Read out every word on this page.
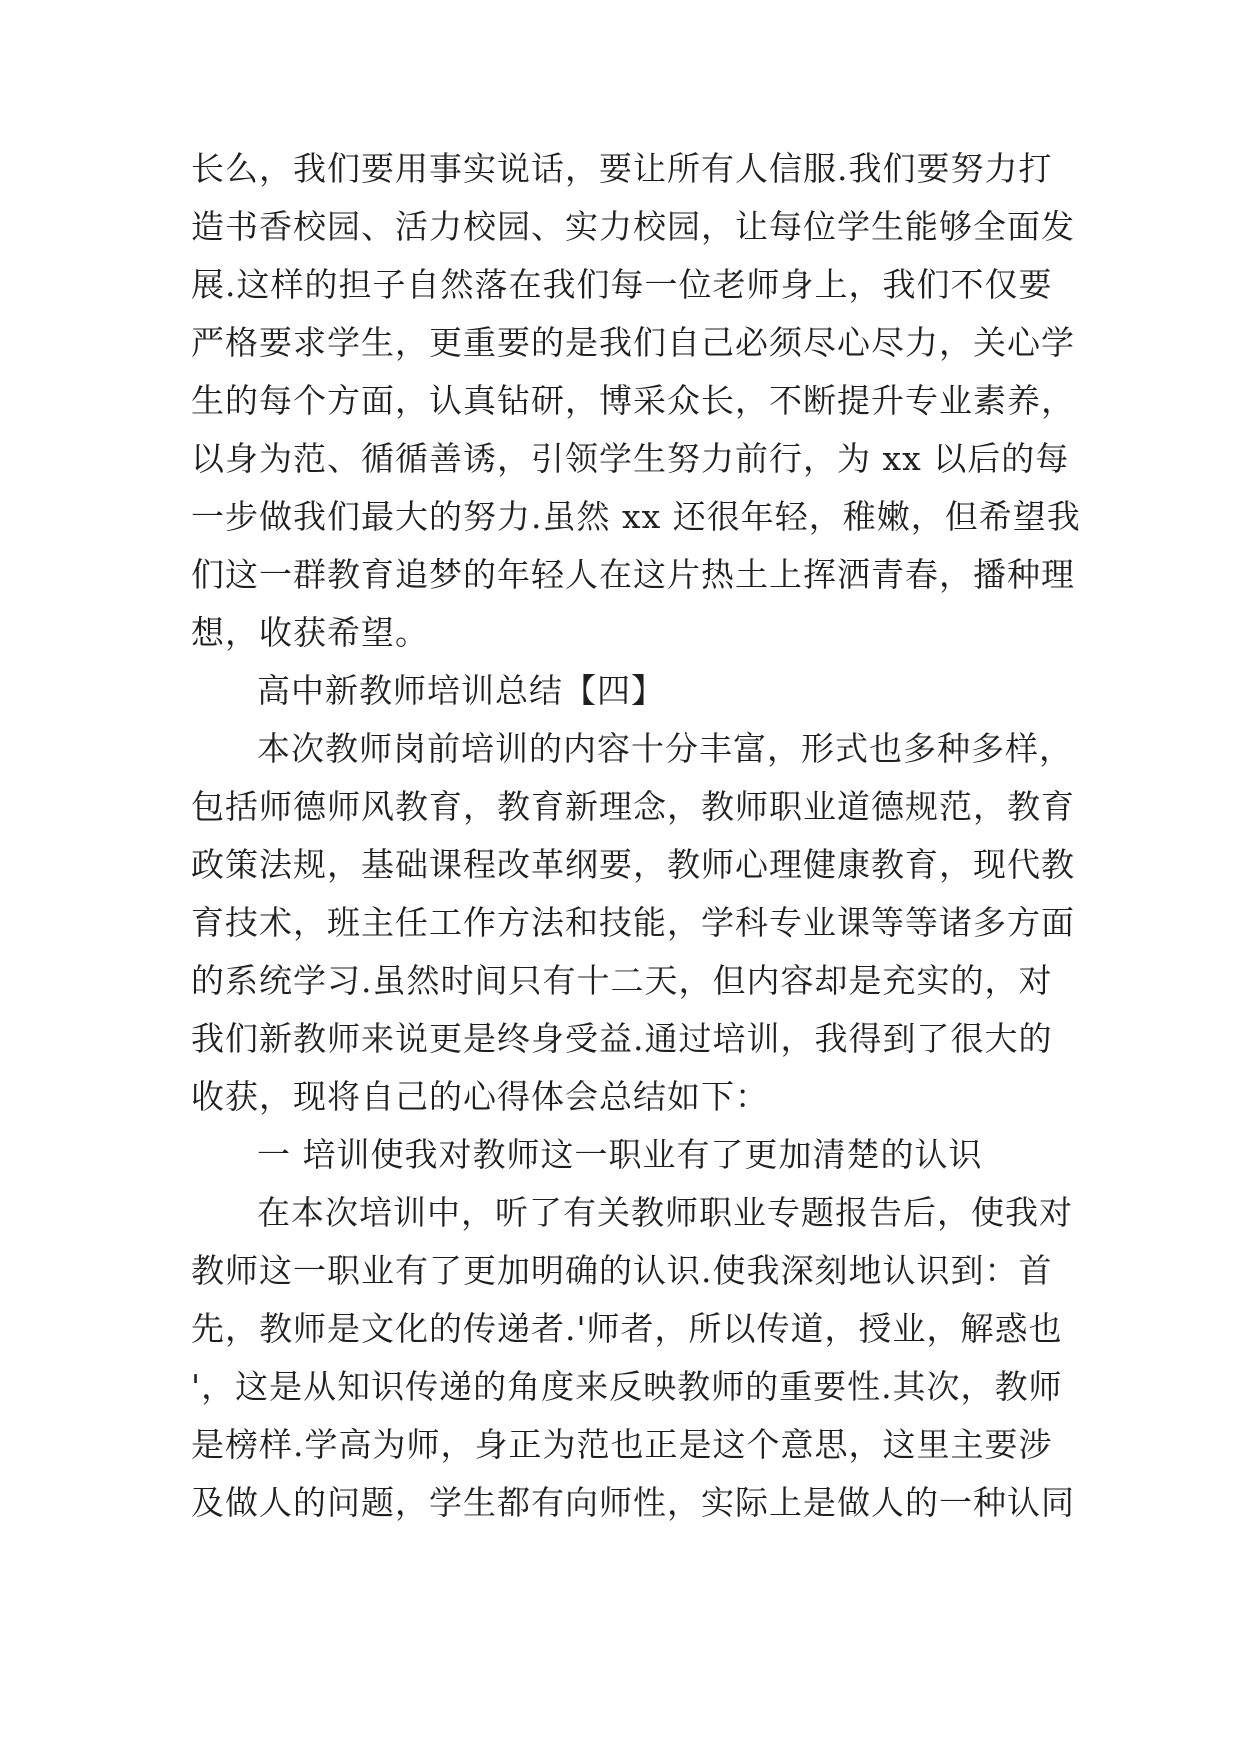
长么，我们要用事实说话，要让所有人信服.我们要努力打
造书香校园、活力校园、实力校园，让每位学生能够全面发
展.这样的担子自然落在我们每一位老师身上，我们不仅要
严格要求学生，更重要的是我们自己必须尽心尽力，关心学
生的每个方面，认真钻研，博采众长，不断提升专业素养，
以身为范、循循善诱，引领学生努力前行，为 xx 以后的每
一步做我们最大的努力.虽然 xx 还很年轻，稚嫩，但希望我
们这一群教育追梦的年轻人在这片热土上挥洒青春，播种理
想，收获希望。
高中新教师培训总结【四】
本次教师岗前培训的内容十分丰富，形式也多种多样，
包括师德师风教育，教育新理念，教师职业道德规范，教育
政策法规，基础课程改革纲要，教师心理健康教育，现代教
育技术，班主任工作方法和技能，学科专业课等等诸多方面
的系统学习.虽然时间只有十二天，但内容却是充实的，对
我们新教师来说更是终身受益.通过培训，我得到了很大的
收获，现将自己的心得体会总结如下：
一 培训使我对教师这一职业有了更加清楚的认识
在本次培训中，听了有关教师职业专题报告后，使我对
教师这一职业有了更加明确的认识.使我深刻地认识到：首
先，教师是文化的传递者.'师者，所以传道，授业，解惑也
'，这是从知识传递的角度来反映教师的重要性.其次，教师
是榜样.学高为师，身正为范也正是这个意思，这里主要涉
及做人的问题，学生都有向师性，实际上是做人的一种认同
